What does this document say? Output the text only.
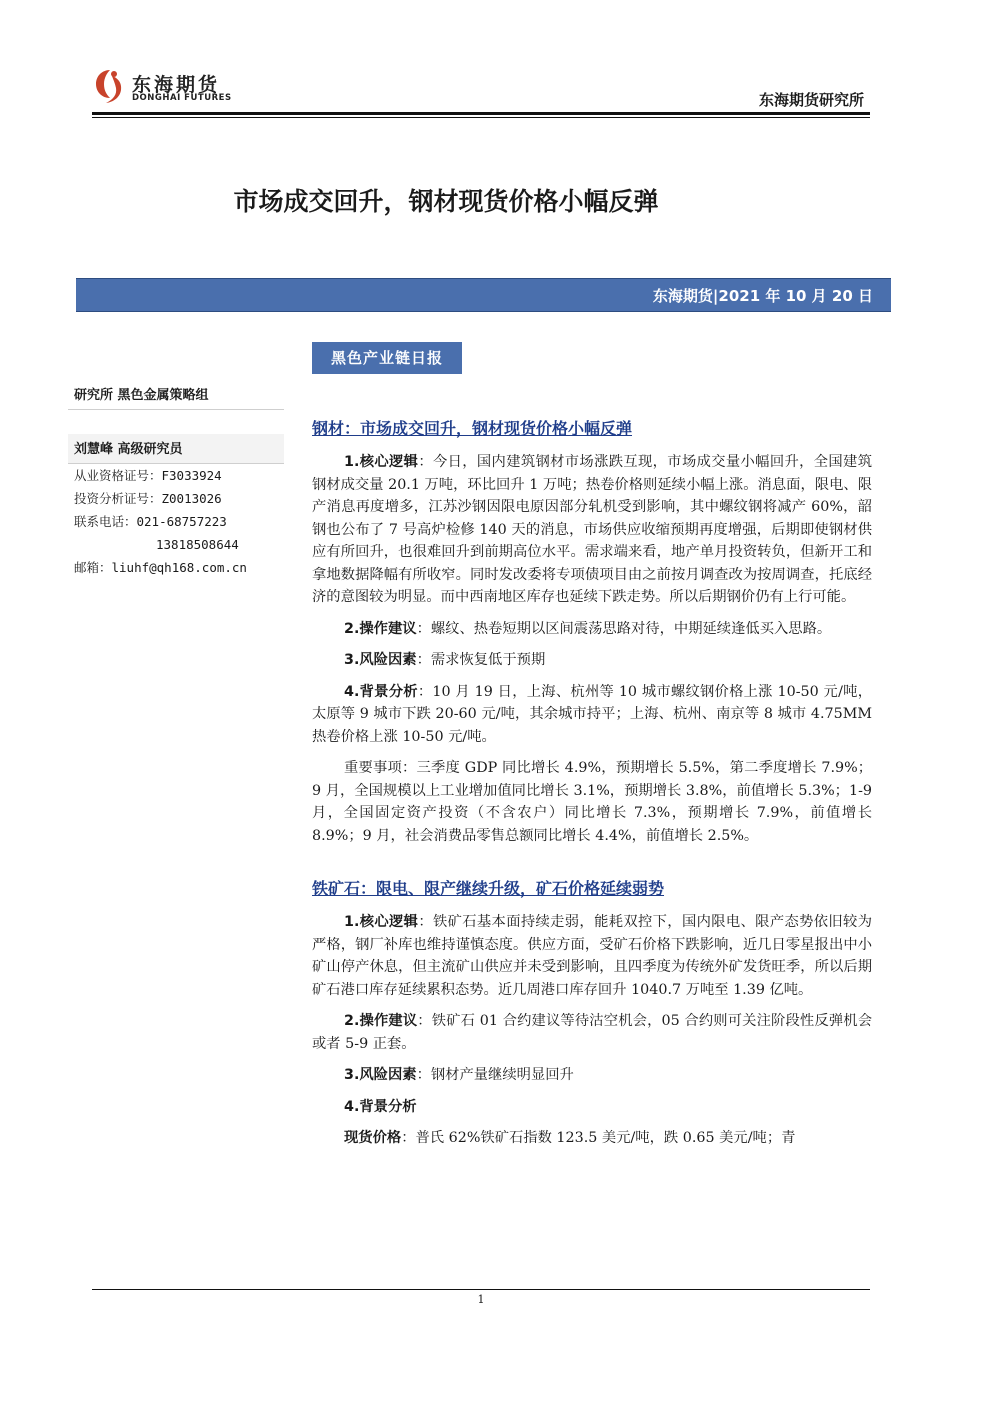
东海期货
DONGHAI FUTURES	东海期货研究所
市场成交回升，钢材现货价格小幅反弹
东海期货|2021 年 10 月 20 日
黑色产业链日报
研究所 黑色金属策略组
刘慧峰 高级研究员
从业资格证号：F3033924
投资分析证号：Z0013026
联系电话：021-68757223
13818508644
邮箱：liuhf@qh168.com.cn
钢材：市场成交回升，钢材现货价格小幅反弹

1.核心逻辑：今日，国内建筑钢材市场涨跌互现，市场成交量小幅回升，全国建筑钢材成交量 20.1 万吨，环比回升 1 万吨；热卷价格则延续小幅上涨。消息面，限电、限产消息再度增多，江苏沙钢因限电原因部分轧机受到影响，其中螺纹钢将减产 60%，韶钢也公布了 7 号高炉检修 140 天的消息，市场供应收缩预期再度增强，后期即使钢材供应有所回升，也很难回升到前期高位水平。需求端来看，地产单月投资转负，但新开工和拿地数据降幅有所收窄。同时发改委将专项债项目由之前按月调查改为按周调查，托底经济的意图较为明显。而中西南地区库存也延续下跌走势。所以后期钢价仍有上行可能。

2.操作建议：螺纹、热卷短期以区间震荡思路对待，中期延续逢低买入思路。

3.风险因素：需求恢复低于预期

4.背景分析：10 月 19 日，上海、杭州等 10 城市螺纹钢价格上涨 10-50 元/吨，太原等 9 城市下跌 20-60 元/吨，其余城市持平；上海、杭州、南京等 8 城市 4.75MM 热卷价格上涨 10-50 元/吨。

重要事项：三季度 GDP 同比增长 4.9%，预期增长 5.5%，第二季度增长 7.9%；9 月，全国规模以上工业增加值同比增长 3.1%，预期增长 3.8%，前值增长 5.3%；1-9 月，全国固定资产投资（不含农户）同比增长 7.3%，预期增长 7.9%，前值增长 8.9%；9 月，社会消费品零售总额同比增长 4.4%，前值增长 2.5%。

铁矿石：限电、限产继续升级，矿石价格延续弱势

1.核心逻辑：铁矿石基本面持续走弱，能耗双控下，国内限电、限产态势依旧较为严格，钢厂补库也维持谨慎态度。供应方面，受矿石价格下跌影响，近几日零星报出中小矿山停产休息，但主流矿山供应并未受到影响，且四季度为传统外矿发货旺季，所以后期矿石港口库存延续累积态势。近几周港口库存回升 1040.7 万吨至 1.39 亿吨。

2.操作建议：铁矿石 01 合约建议等待沽空机会，05 合约则可关注阶段性反弹机会或者 5-9 正套。

3.风险因素：钢材产量继续明显回升

4.背景分析

现货价格：普氏 62%铁矿石指数 123.5 美元/吨，跌 0.65 美元/吨；青

1
